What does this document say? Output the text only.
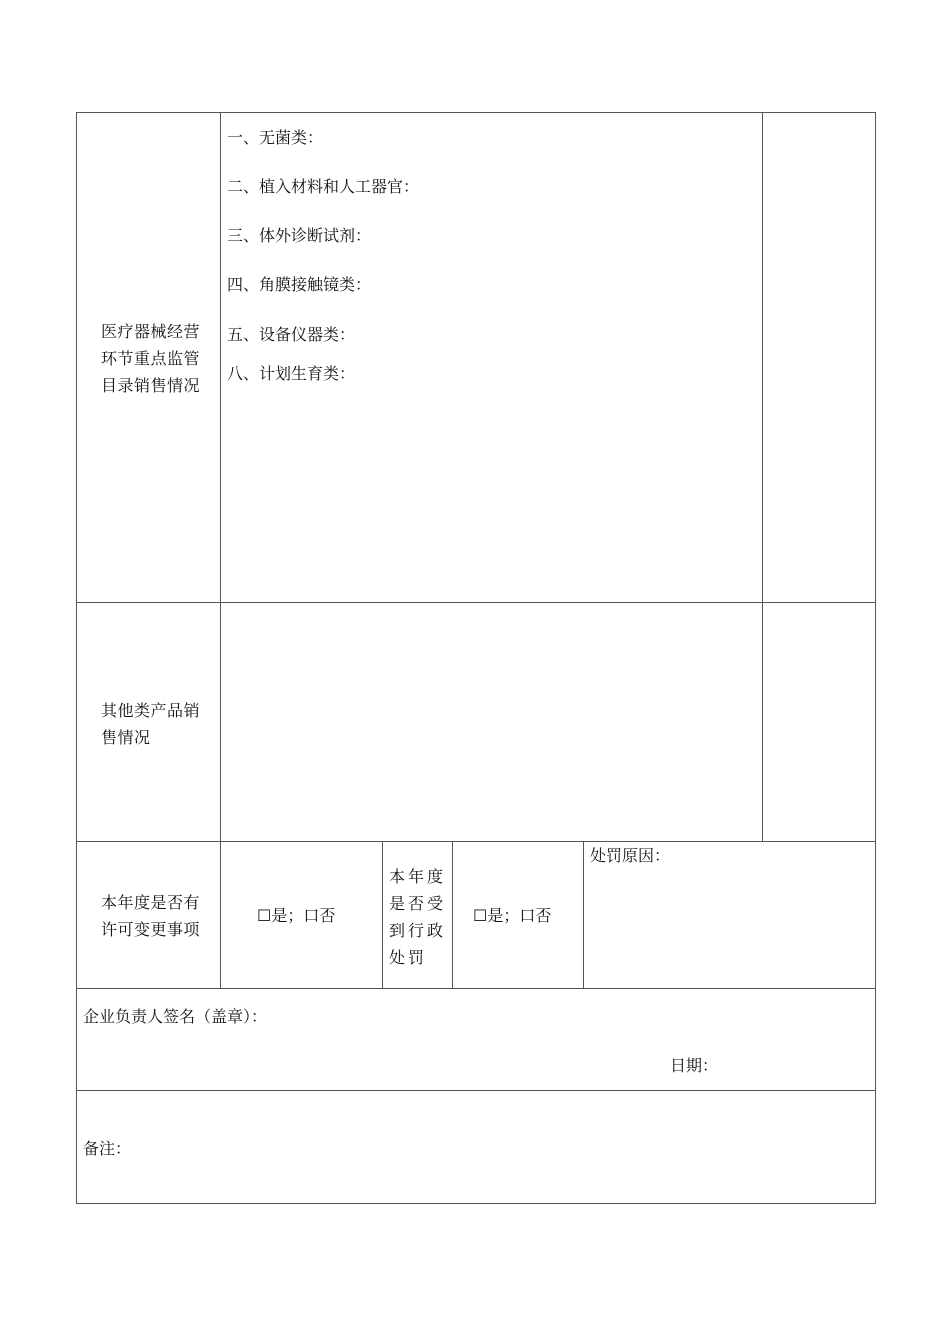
医疗器械经营
环节重点监管
目录销售情况
一、无菌类：
二、植入材料和人工器官：
三、体外诊断试剂：
四、角膜接触镜类：
五、设备仪器类：
八、计划生育类：
其他类产品销
售情况
本年度是否有
许可变更事项
☐是；口否
本年度
是否受
到行政
处罚
☐是；口否
处罚原因：
企业负责人签名（盖章）：
日期：
备注：
